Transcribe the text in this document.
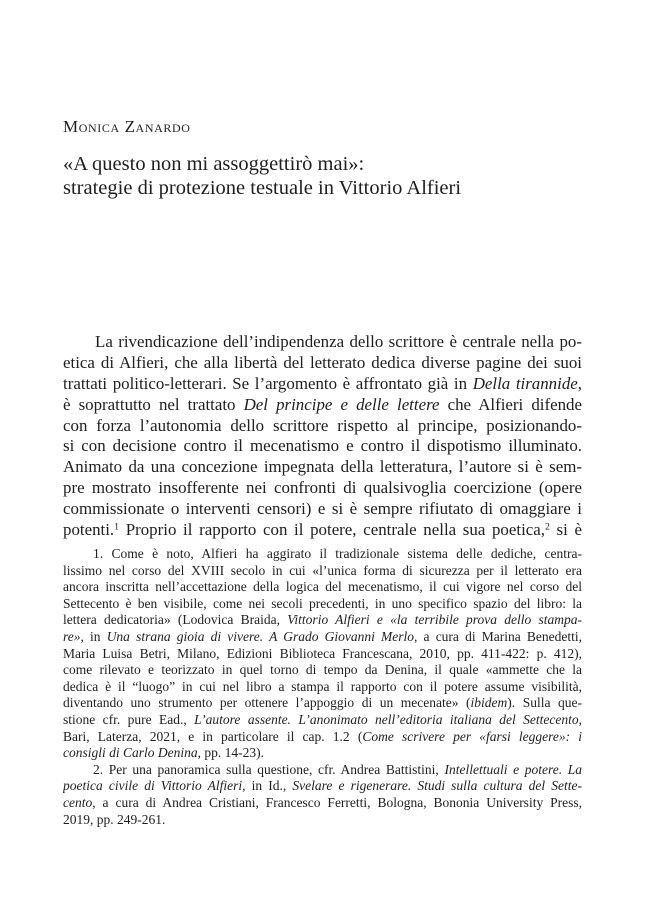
Monica Zanardo
«A questo non mi assoggettirò mai»:
strategie di protezione testuale in Vittorio Alfieri
La rivendicazione dell’indipendenza dello scrittore è centrale nella po-
etica di Alfieri, che alla libertà del letterato dedica diverse pagine dei suoi
trattati politico-letterari. Se l’argomento è affrontato già in Della tirannide,
è soprattutto nel trattato Del principe e delle lettere che Alfieri difende
con forza l’autonomia dello scrittore rispetto al principe, posizionando-
si con decisione contro il mecenatismo e contro il dispotismo illuminato.
Animato da una concezione impegnata della letteratura, l’autore si è sem-
pre mostrato insofferente nei confronti di qualsivoglia coercizione (opere
commissionate o interventi censori) e si è sempre rifiutato di omaggiare i
potenti.$^1$ Proprio il rapporto con il potere, centrale nella sua poetica,$^2$ si è
1. Come è noto, Alfieri ha aggirato il tradizionale sistema delle dediche, centra-
lissimo nel corso del XVIII secolo in cui «l’unica forma di sicurezza per il letterato era
ancora inscritta nell’accettazione della logica del mecenatismo, il cui vigore nel corso del
Settecento è ben visibile, come nei secoli precedenti, in uno specifico spazio del libro: la
lettera dedicatoria» (Lodovica Braida, Vittorio Alfieri e «la terribile prova dello stampa-
re», in Una strana gioia di vivere. A Grado Giovanni Merlo, a cura di Marina Benedetti,
Maria Luisa Betri, Milano, Edizioni Biblioteca Francescana, 2010, pp. 411-422: p. 412),
come rilevato e teorizzato in quel torno di tempo da Denina, il quale «ammette che la
dedica è il “luogo” in cui nel libro a stampa il rapporto con il potere assume visibilità,
diventando uno strumento per ottenere l’appoggio di un mecenate» (ibidem). Sulla que-
stione cfr. pure Ead., L’autore assente. L’anonimato nell’editoria italiana del Settecento,
Bari, Laterza, 2021, e in particolare il cap. 1.2 (Come scrivere per «farsi leggere»: i
consigli di Carlo Denina, pp. 14-23).
2. Per una panoramica sulla questione, cfr. Andrea Battistini, Intellettuali e potere. La
poetica civile di Vittorio Alfieri, in Id., Svelare e rigenerare. Studi sulla cultura del Sette-
cento, a cura di Andrea Cristiani, Francesco Ferretti, Bologna, Bononia University Press,
2019, pp. 249-261.
